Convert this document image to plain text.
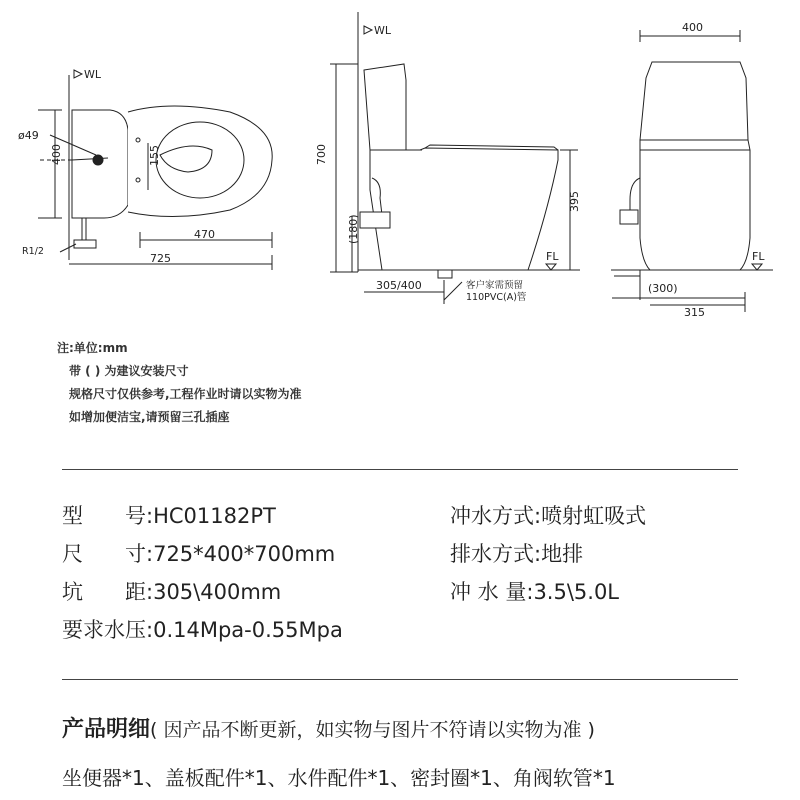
WL
ø49
400	155
470
725
R1/2
WL
700
(180)
395
FL
305/400	客户家需预留
110PVC(A)管
400
FL
(300)
315
注:单位:mm
带 ( ) 为建议安装尺寸
规格尺寸仅供参考,工程作业时请以实物为准
如增加便洁宝,请预留三孔插座
型　　号:HC01182PT	冲水方式:喷射虹吸式
尺　　寸:725*400*700mm	排水方式:地排
坑　　距:305\400mm	冲 水 量:3.5\5.0L
要求水压:0.14Mpa-0.55Mpa
产品明细( 因产品不断更新，如实物与图片不符请以实物为准 )
坐便器*1、盖板配件*1、水件配件*1、密封圈*1、角阀软管*1
